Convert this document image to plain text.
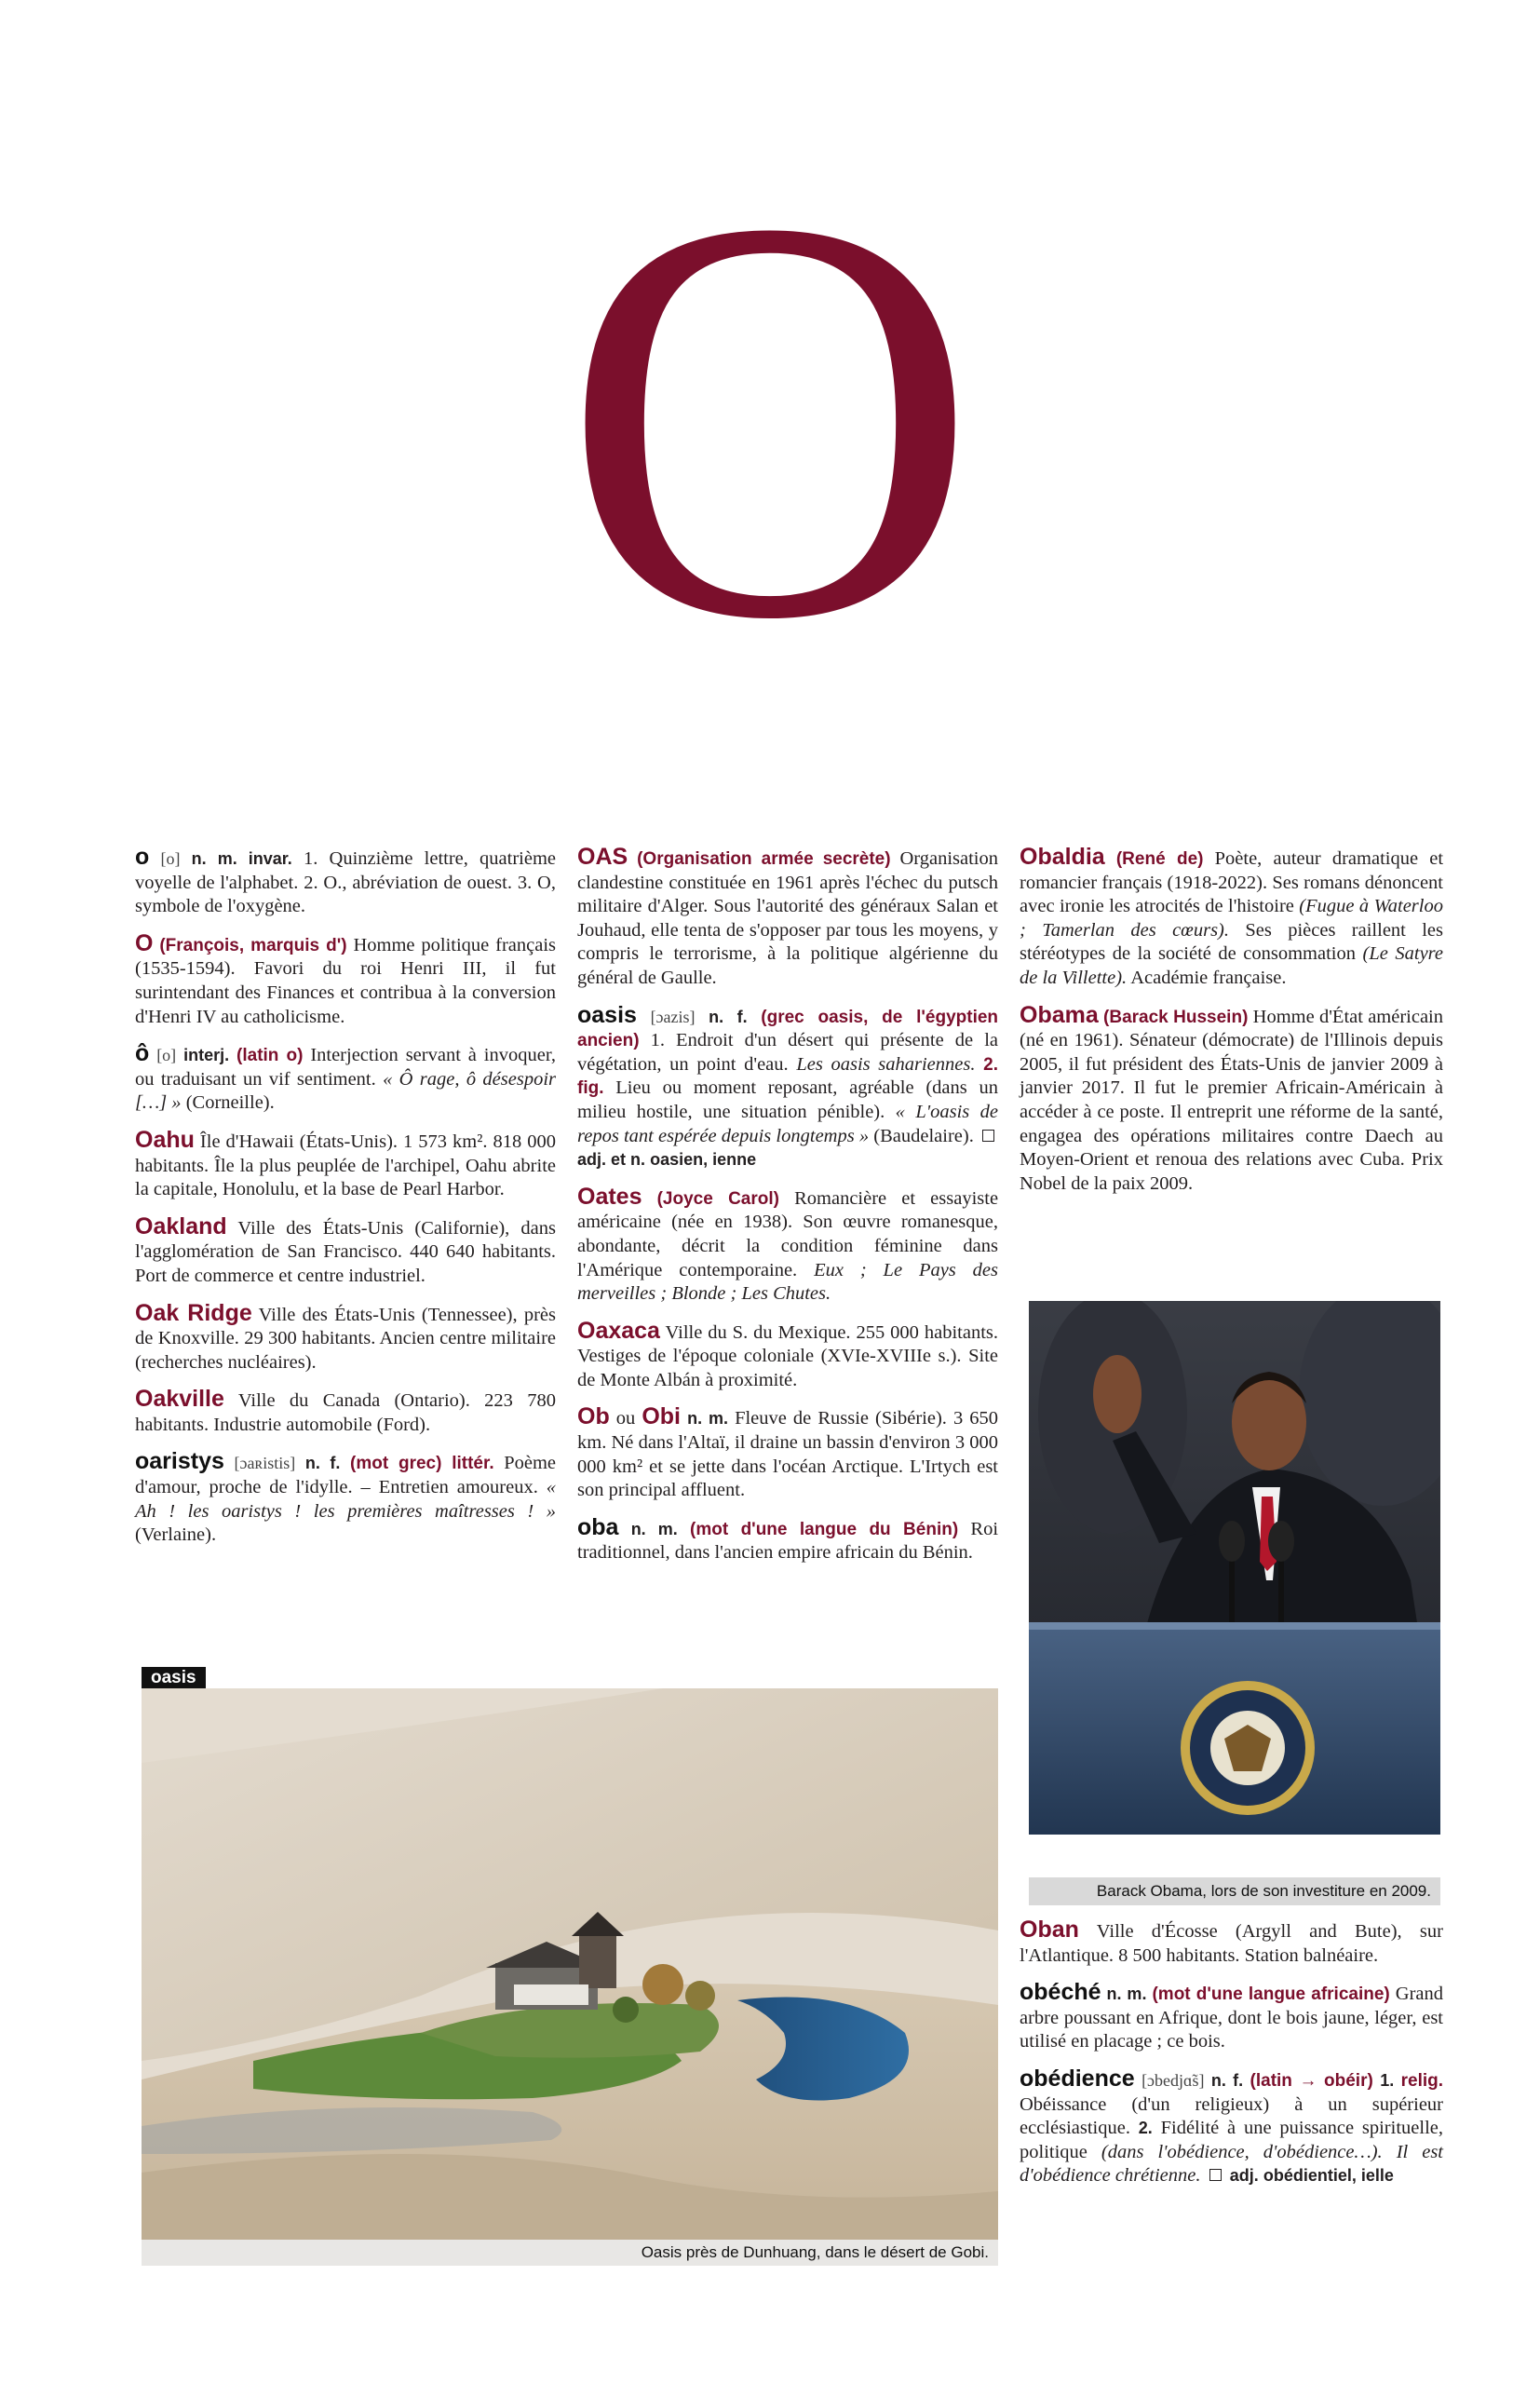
O

o [o] n. m. invar. 1. Quinzième lettre, quatrième voyelle de l'alphabet. 2. O., abréviation de ouest. 3. O, symbole de l'oxygène.

O (François, marquis d') Homme politique français (1535-1594). Favori du roi Henri III, il fut surintendant des Finances et contribua à la conversion d'Henri IV au catholicisme.

ô [o] interj. (latin o) Interjection servant à invoquer, ou traduisant un vif sentiment. « Ô rage, ô désespoir […] » (Corneille).

Oahu Île d'Hawaii (États-Unis). 1 573 km². 818 000 habitants. Île la plus peuplée de l'archipel, Oahu abrite la capitale, Honolulu, et la base de Pearl Harbor.

Oakland Ville des États-Unis (Californie), dans l'agglomération de San Francisco. 440 640 habitants. Port de commerce et centre industriel.

Oak Ridge Ville des États-Unis (Tennessee), près de Knoxville. 29 300 habitants. Ancien centre militaire (recherches nucléaires).

Oakville Ville du Canada (Ontario). 223 780 habitants. Industrie automobile (Ford).

oaristys [ɔaʀistis] n. f. (mot grec) littér. Poème d'amour, proche de l'idylle. – Entretien amoureux. « Ah ! les oaristys ! les premières maîtresses ! » (Verlaine).

OAS (Organisation armée secrète) Organisation clandestine constituée en 1961 après l'échec du putsch militaire d'Alger. Sous l'autorité des généraux Salan et Jouhaud, elle tenta de s'opposer par tous les moyens, y compris le terrorisme, à la politique algérienne du général de Gaulle.

oasis [ɔazis] n. f. (grec oasis, de l'égyptien ancien) 1. Endroit d'un désert qui présente de la végétation, un point d'eau. Les oasis sahariennes. 2. fig. Lieu ou moment reposant, agréable (dans un milieu hostile, une situation pénible). « L'oasis de repos tant espérée depuis longtemps » (Baudelaire).  adj. et n. oasien, ienne

Oates (Joyce Carol) Romancière et essayiste américaine (née en 1938). Son œuvre romanesque, abondante, décrit la condition féminine dans l'Amérique contemporaine. Eux ; Le Pays des merveilles ; Blonde ; Les Chutes.

Oaxaca Ville du S. du Mexique. 255 000 habitants. Vestiges de l'époque coloniale (XVIe-XVIIIe s.). Site de Monte Albán à proximité.

Ob ou Obi n. m. Fleuve de Russie (Sibérie). 3 650 km. Né dans l'Altaï, il draine un bassin d'environ 3 000 000 km² et se jette dans l'océan Arctique. L'Irtych est son principal affluent.

oba n. m. (mot d'une langue du Bénin) Roi traditionnel, dans l'ancien empire africain du Bénin.

Obaldia (René de) Poète, auteur dramatique et romancier français (1918-2022). Ses romans dénoncent avec ironie les atrocités de l'histoire (Fugue à Waterloo ; Tamerlan des cœurs). Ses pièces raillent les stéréotypes de la société de consommation (Le Satyre de la Villette). Académie française.

Obama (Barack Hussein) Homme d'État américain (né en 1961). Sénateur (démocrate) de l'Illinois depuis 2005, il fut président des États-Unis de janvier 2009 à janvier 2017. Il fut le premier Africain-Américain à accéder à ce poste. Il entreprit une réforme de la santé, engagea des opérations militaires contre Daech au Moyen-Orient et renoua des relations avec Cuba. Prix Nobel de la paix 2009.

Barack Obama, lors de son investiture en 2009.

Oban Ville d'Écosse (Argyll and Bute), sur l'Atlantique. 8 500 habitants. Station balnéaire.

obéché n. m. (mot d'une langue africaine) Grand arbre poussant en Afrique, dont le bois jaune, léger, est utilisé en placage ; ce bois.

obédience [ɔbedjɑ̃s] n. f. (latin → obéir) 1. relig. Obéissance (d'un religieux) à un supérieur ecclésiastique. 2. Fidélité à une puissance spirituelle, politique (dans l'obédience, d'obédience…). Il est d'obédience chrétienne. adj. obédientiel, ielle

oasis
Oasis près de Dunhuang, dans le désert de Gobi.
